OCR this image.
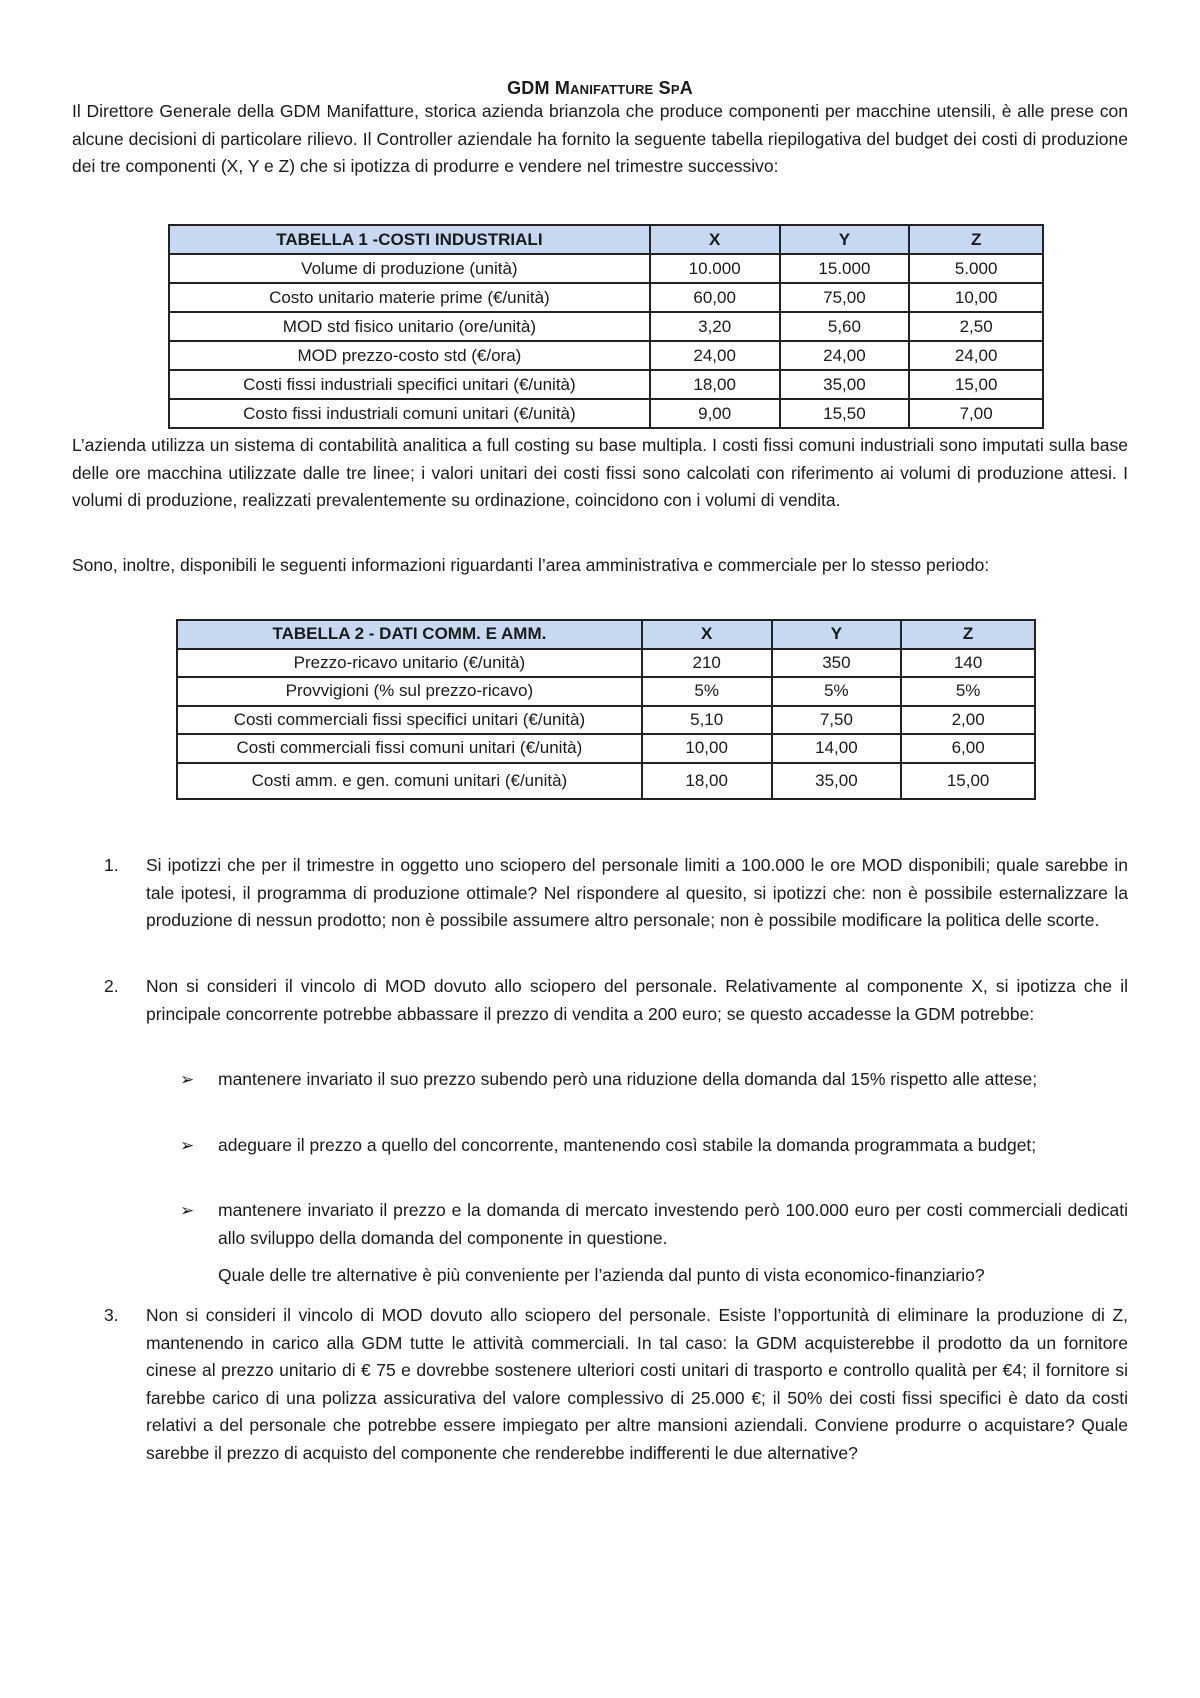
GDM Manifatture SpA

Il Direttore Generale della GDM Manifatture, storica azienda brianzola che produce componenti per macchine utensili, è alle prese con alcune decisioni di particolare rilievo. Il Controller aziendale ha fornito la seguente tabella riepilogativa del budget dei costi di produzione dei tre componenti (X, Y e Z) che si ipotizza di produrre e vendere nel trimestre successivo:

TABELLA 1 -COSTI INDUSTRIALI	X	Y	Z
Volume di produzione (unità)	10.000	15.000	5.000
Costo unitario materie prime (€/unità)	60,00	75,00	10,00
MOD std fisico unitario (ore/unità)	3,20	5,60	2,50
MOD prezzo-costo std (€/ora)	24,00	24,00	24,00
Costi fissi industriali specifici unitari (€/unità)	18,00	35,00	15,00
Costo fissi industriali comuni unitari (€/unità)	9,00	15,50	7,00

L’azienda utilizza un sistema di contabilità analitica a full costing su base multipla. I costi fissi comuni industriali sono imputati sulla base delle ore macchina utilizzate dalle tre linee; i valori unitari dei costi fissi sono calcolati con riferimento ai volumi di produzione attesi. I volumi di produzione, realizzati prevalentemente su ordinazione, coincidono con i volumi di vendita.

Sono, inoltre, disponibili le seguenti informazioni riguardanti l’area amministrativa e commerciale per lo stesso periodo:

TABELLA 2 - DATI COMM. E AMM.	X	Y	Z
Prezzo-ricavo unitario (€/unità)	210	350	140
Provvigioni (% sul prezzo-ricavo)	5%	5%	5%
Costi commerciali fissi specifici unitari (€/unità)	5,10	7,50	2,00
Costi commerciali fissi comuni unitari (€/unità)	10,00	14,00	6,00
Costi amm. e gen. comuni unitari (€/unità)	18,00	35,00	15,00
1. Si ipotizzi che per il trimestre in oggetto uno sciopero del personale limiti a 100.000 le ore MOD disponibili; quale sarebbe in tale ipotesi, il programma di produzione ottimale? Nel rispondere al quesito, si ipotizzi che: non è possibile esternalizzare la produzione di nessun prodotto; non è possibile assumere altro personale; non è possibile modificare la politica delle scorte.

2. Non si consideri il vincolo di MOD dovuto allo sciopero del personale. Relativamente al componente X, si ipotizza che il principale concorrente potrebbe abbassare il prezzo di vendita a 200 euro; se questo accadesse la GDM potrebbe:

➢ mantenere invariato il suo prezzo subendo però una riduzione della domanda dal 15% rispetto alle attese;

➢ adeguare il prezzo a quello del concorrente, mantenendo così stabile la domanda programmata a budget;

➢ mantenere invariato il prezzo e la domanda di mercato investendo però 100.000 euro per costi commerciali dedicati allo sviluppo della domanda del componente in questione.

Quale delle tre alternative è più conveniente per l’azienda dal punto di vista economico-finanziario?

3. Non si consideri il vincolo di MOD dovuto allo sciopero del personale. Esiste l’opportunità di eliminare la produzione di Z, mantenendo in carico alla GDM tutte le attività commerciali. In tal caso: la GDM acquisterebbe il prodotto da un fornitore cinese al prezzo unitario di € 75 e dovrebbe sostenere ulteriori costi unitari di trasporto e controllo qualità per €4; il fornitore si farebbe carico di una polizza assicurativa del valore complessivo di 25.000 €; il 50% dei costi fissi specifici è dato da costi relativi a del personale che potrebbe essere impiegato per altre mansioni aziendali. Conviene produrre o acquistare? Quale sarebbe il prezzo di acquisto del componente che renderebbe indifferenti le due alternative?
